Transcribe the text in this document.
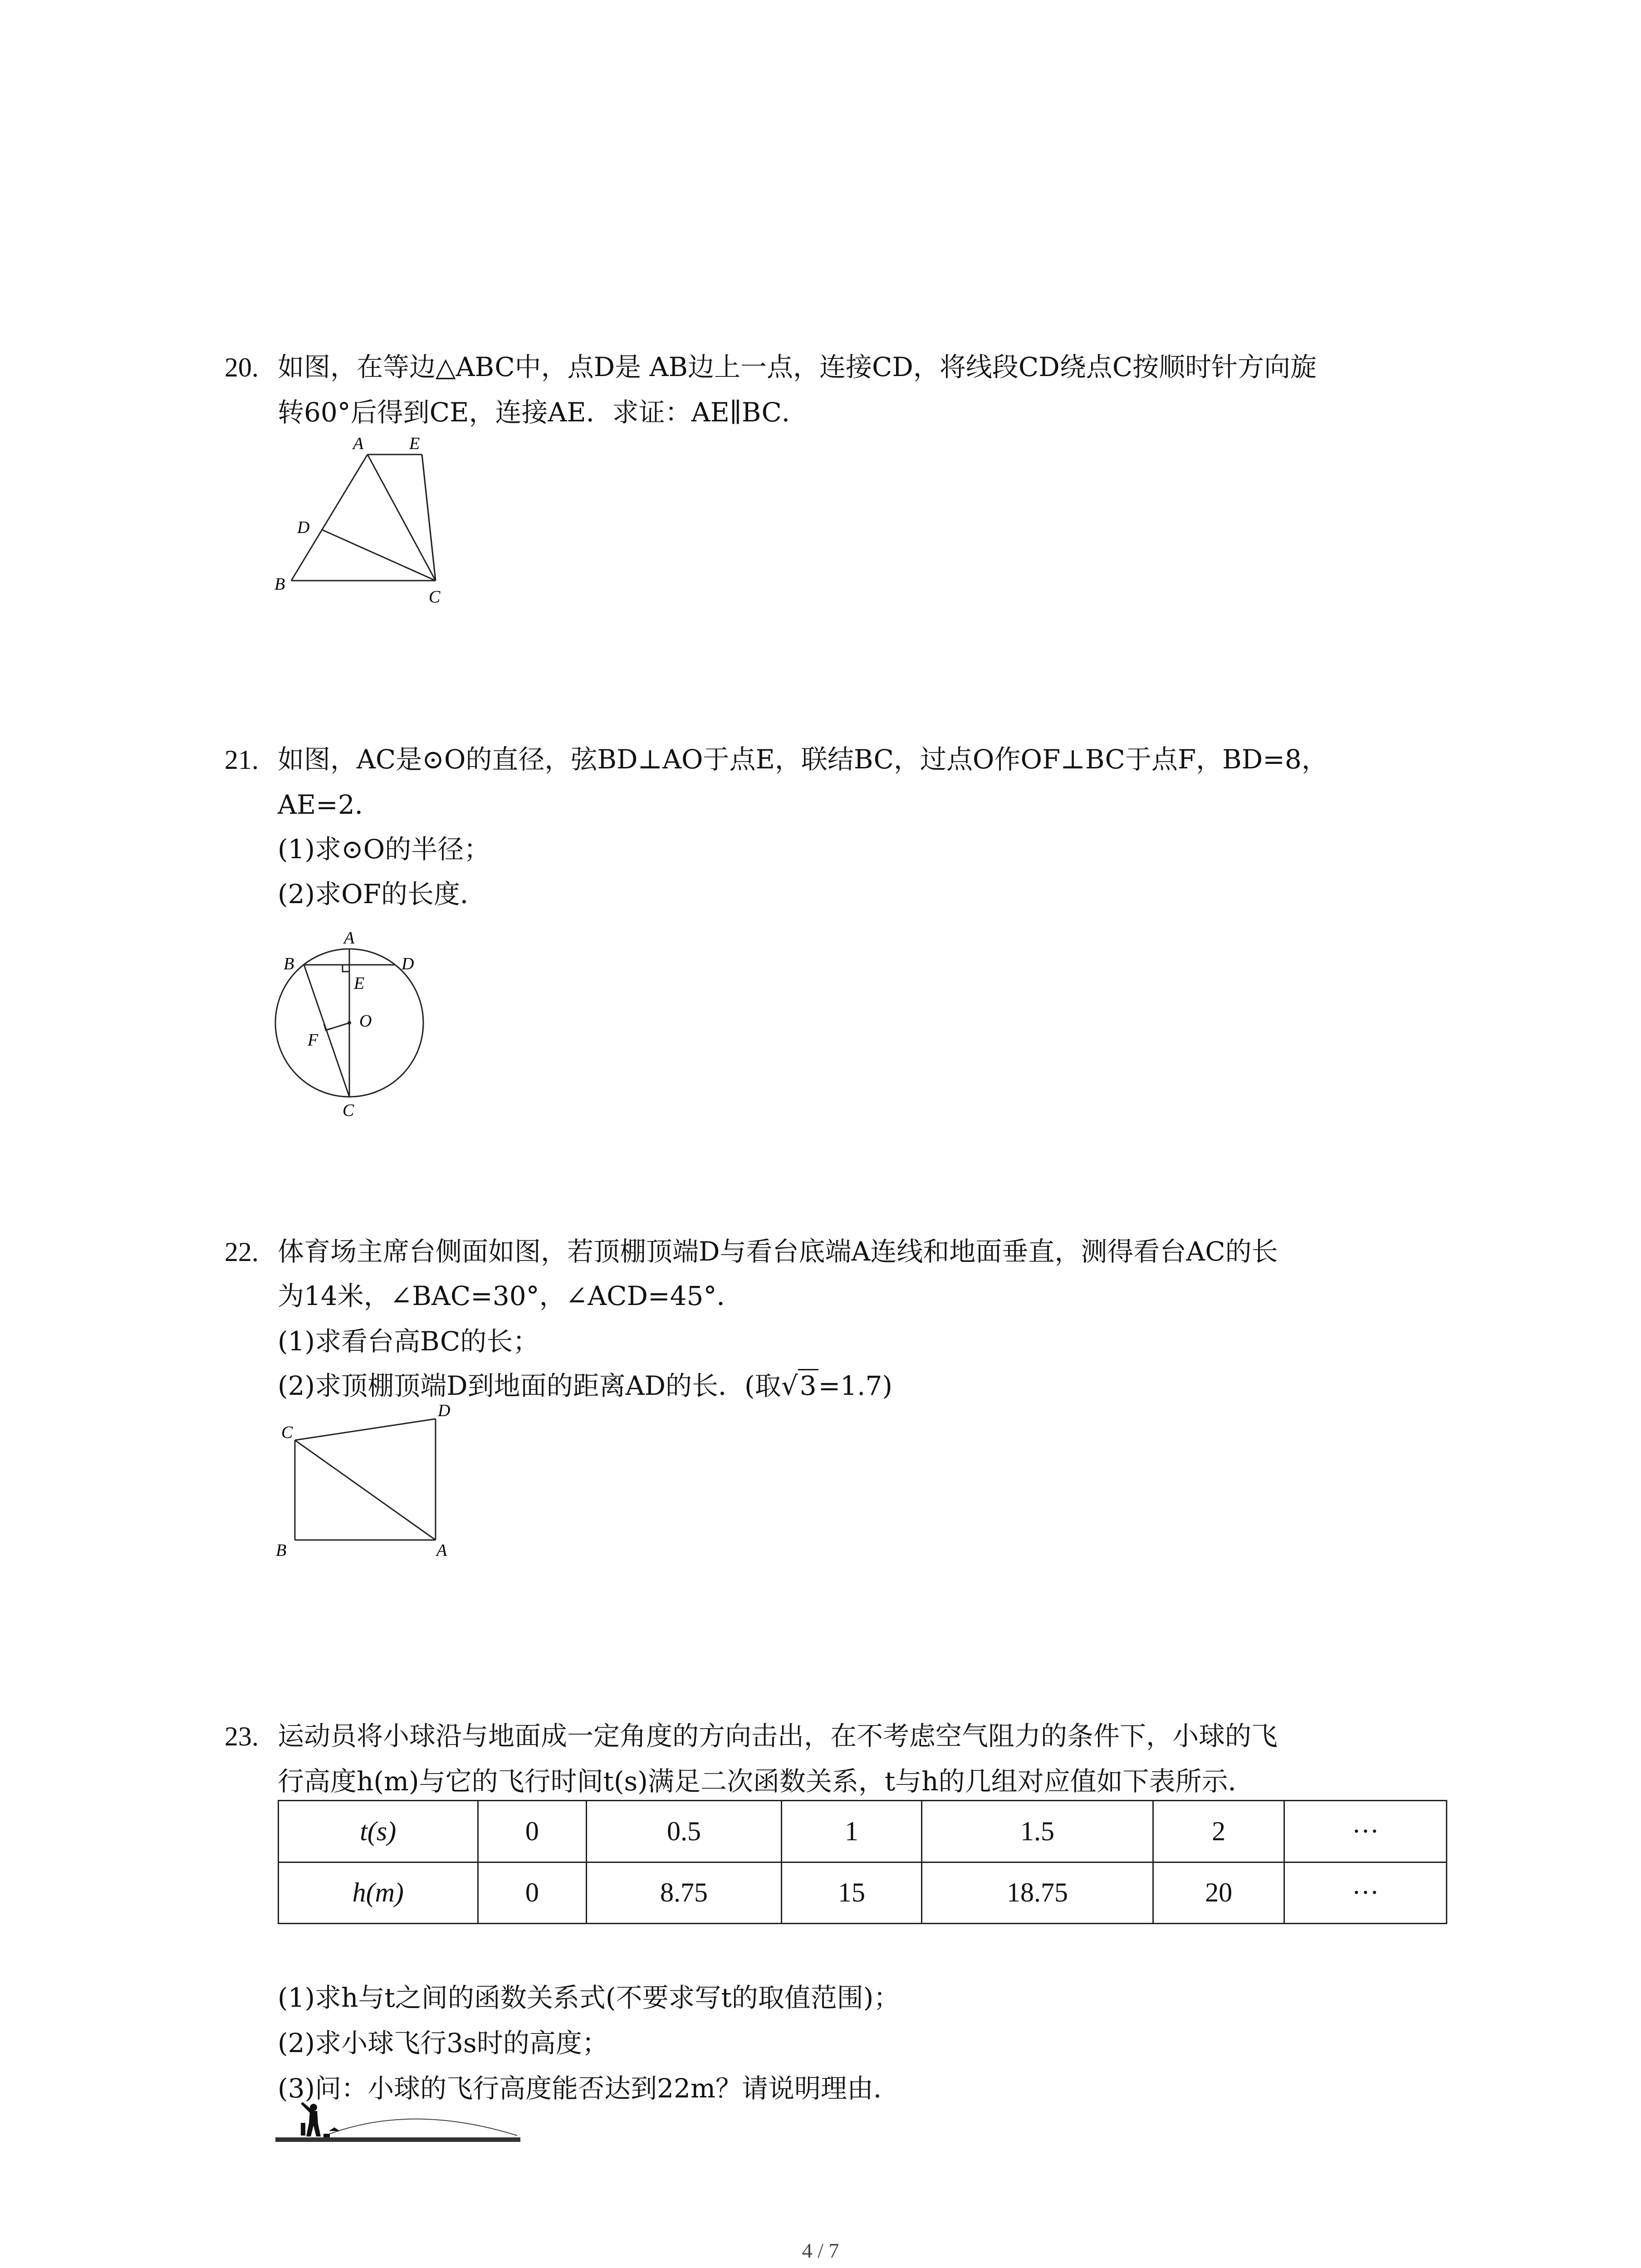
20. 如图，在等边△ABC中，点D是 AB边上一点，连接CD，将线段CD绕点C按顺时针方向旋
转60°后得到CE，连接AE．求证：AE∥BC．
A	E
D
B
C
21. 如图，AC是⊙O的直径，弦BD⊥AO于点E，联结BC，过点O作OF⊥BC于点F，BD=8，
AE=2．
(1)求⊙O的半径；
(2)求OF的长度．
A
B	D
E
O
F
C
22. 体育场主席台侧面如图，若顶棚顶端D与看台底端A连线和地面垂直，测得看台AC的长
为14米，∠BAC=30°，∠ACD=45°．
(1)求看台高BC的长；
(2)求顶棚顶端D到地面的距离AD的长．(取√3=1.7)
D
C
B	A
23. 运动员将小球沿与地面成一定角度的方向击出，在不考虑空气阻力的条件下，小球的飞
行高度h(m)与它的飞行时间t(s)满足二次函数关系，t与h的几组对应值如下表所示．
t(s)	0	0.5	1	1.5	2	···
h(m)	0	8.75	15	18.75	20	···
(1)求h与t之间的函数关系式(不要求写t的取值范围)；
(2)求小球飞行3s时的高度；
(3)问：小球的飞行高度能否达到22m？请说明理由．
4 / 7
